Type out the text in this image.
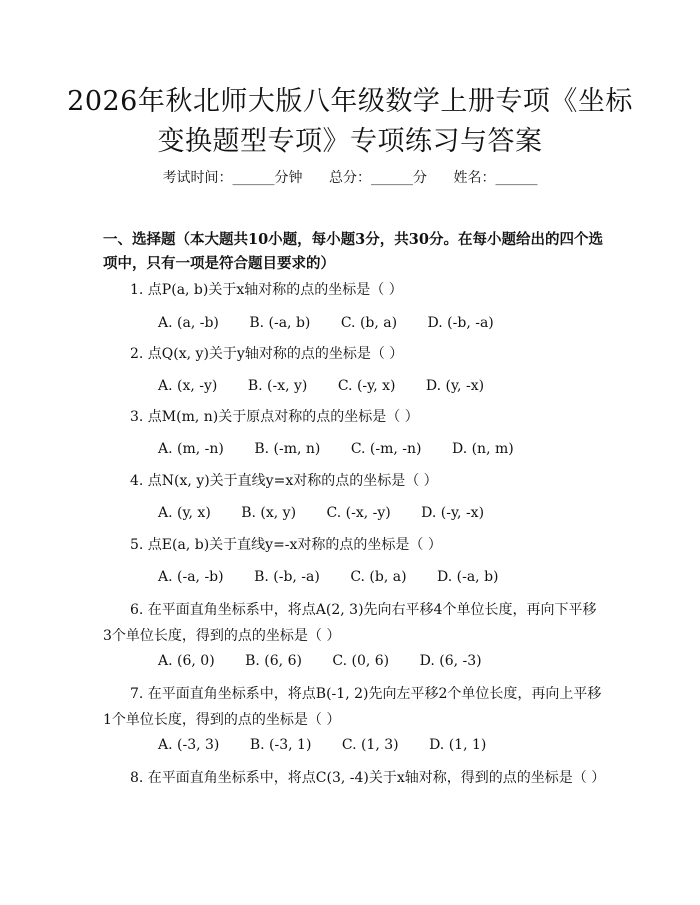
2026年秋北师大版八年级数学上册专项《坐标变换题型专项》专项练习与答案
考试时间：______分钟 总分：______分 姓名：______
一、选择题（本大题共10小题，每小题3分，共30分。在每小题给出的四个选项中，只有一项是符合题目要求的）
1. 点P(a, b)关于x轴对称的点的坐标是（ ）
A. (a, -b) B. (-a, b) C. (b, a) D. (-b, -a)
2. 点Q(x, y)关于y轴对称的点的坐标是（ ）
A. (x, -y) B. (-x, y) C. (-y, x) D. (y, -x)
3. 点M(m, n)关于原点对称的点的坐标是（ ）
A. (m, -n) B. (-m, n) C. (-m, -n) D. (n, m)
4. 点N(x, y)关于直线y=x对称的点的坐标是（ ）
A. (y, x) B. (x, y) C. (-x, -y) D. (-y, -x)
5. 点E(a, b)关于直线y=-x对称的点的坐标是（ ）
A. (-a, -b) B. (-b, -a) C. (b, a) D. (-a, b)
6. 在平面直角坐标系中，将点A(2, 3)先向右平移4个单位长度，再向下平移3个单位长度，得到的点的坐标是（ ）
A. (6, 0) B. (6, 6) C. (0, 6) D. (6, -3)
7. 在平面直角坐标系中，将点B(-1, 2)先向左平移2个单位长度，再向上平移1个单位长度，得到的点的坐标是（ ）
A. (-3, 3) B. (-3, 1) C. (1, 3) D. (1, 1)
8. 在平面直角坐标系中，将点C(3, -4)关于x轴对称，得到的点的坐标是（ ）
